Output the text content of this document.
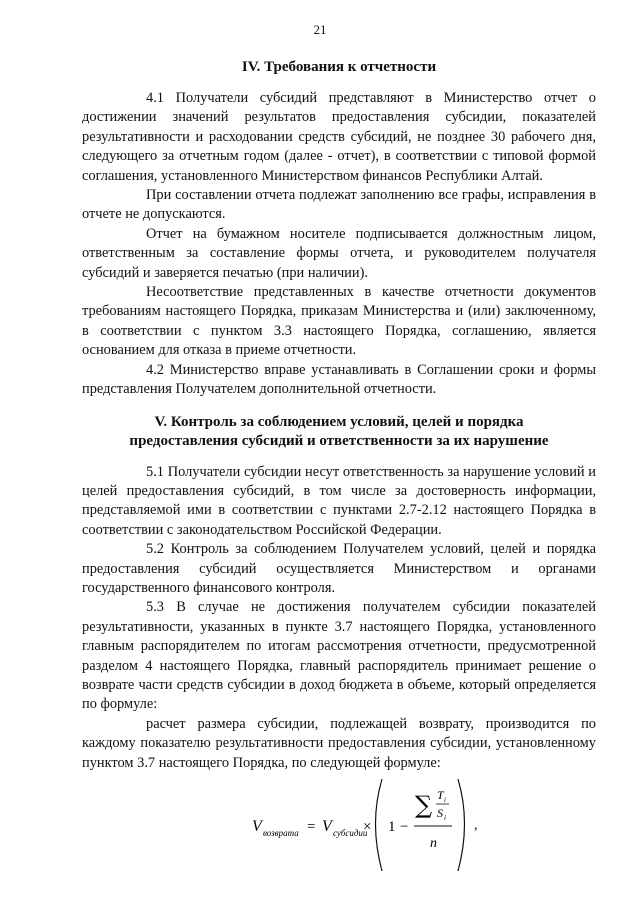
21
IV. Требования к отчетности

4.1 Получатели субсидий представляют в Министерство отчет о достижении значений результатов предоставления субсидии, показателей результативности и расходовании средств субсидий, не позднее 30 рабочего дня, следующего за отчетным годом (далее - отчет), в соответствии с типовой формой соглашения, установленного Министерством финансов Республики Алтай.

При составлении отчета подлежат заполнению все графы, исправления в отчете не допускаются.

Отчет на бумажном носителе подписывается должностным лицом, ответственным за составление формы отчета, и руководителем получателя субсидий и заверяется печатью (при наличии).

Несоответствие представленных в качестве отчетности документов требованиям настоящего Порядка, приказам Министерства и (или) заключенному, в соответствии с пунктом 3.3 настоящего Порядка, соглашению, является основанием для отказа в приеме отчетности.

4.2 Министерство вправе устанавливать в Соглашении сроки и формы представления Получателем дополнительной отчетности.

V. Контроль за соблюдением условий, целей и порядка
предоставления субсидий и ответственности за их нарушение

5.1 Получатели субсидии несут ответственность за нарушение условий и целей предоставления субсидий, в том числе за достоверность информации, представляемой ими в соответствии с пунктами 2.7-2.12 настоящего Порядка в соответствии с законодательством Российской Федерации.

5.2 Контроль за соблюдением Получателем условий, целей и порядка предоставления субсидий осуществляется Министерством и органами государственного финансового контроля.

5.3 В случае не достижения получателем субсидии показателей результативности, указанных в пункте 3.7 настоящего Порядка, установленного главным распорядителем по итогам рассмотрения отчетности, предусмотренной разделом 4 настоящего Порядка, главный распорядитель принимает решение о возврате части средств субсидии в доход бюджета в объеме, который определяется по формуле:

расчет размера субсидии, подлежащей возврату, производится по каждому показателю результативности предоставления субсидии, установленному пунктом 3.7 настоящего Порядка, по следующей формуле:

V возврата = V субсидии
× 1 −
∑ T i
S i
n
,
